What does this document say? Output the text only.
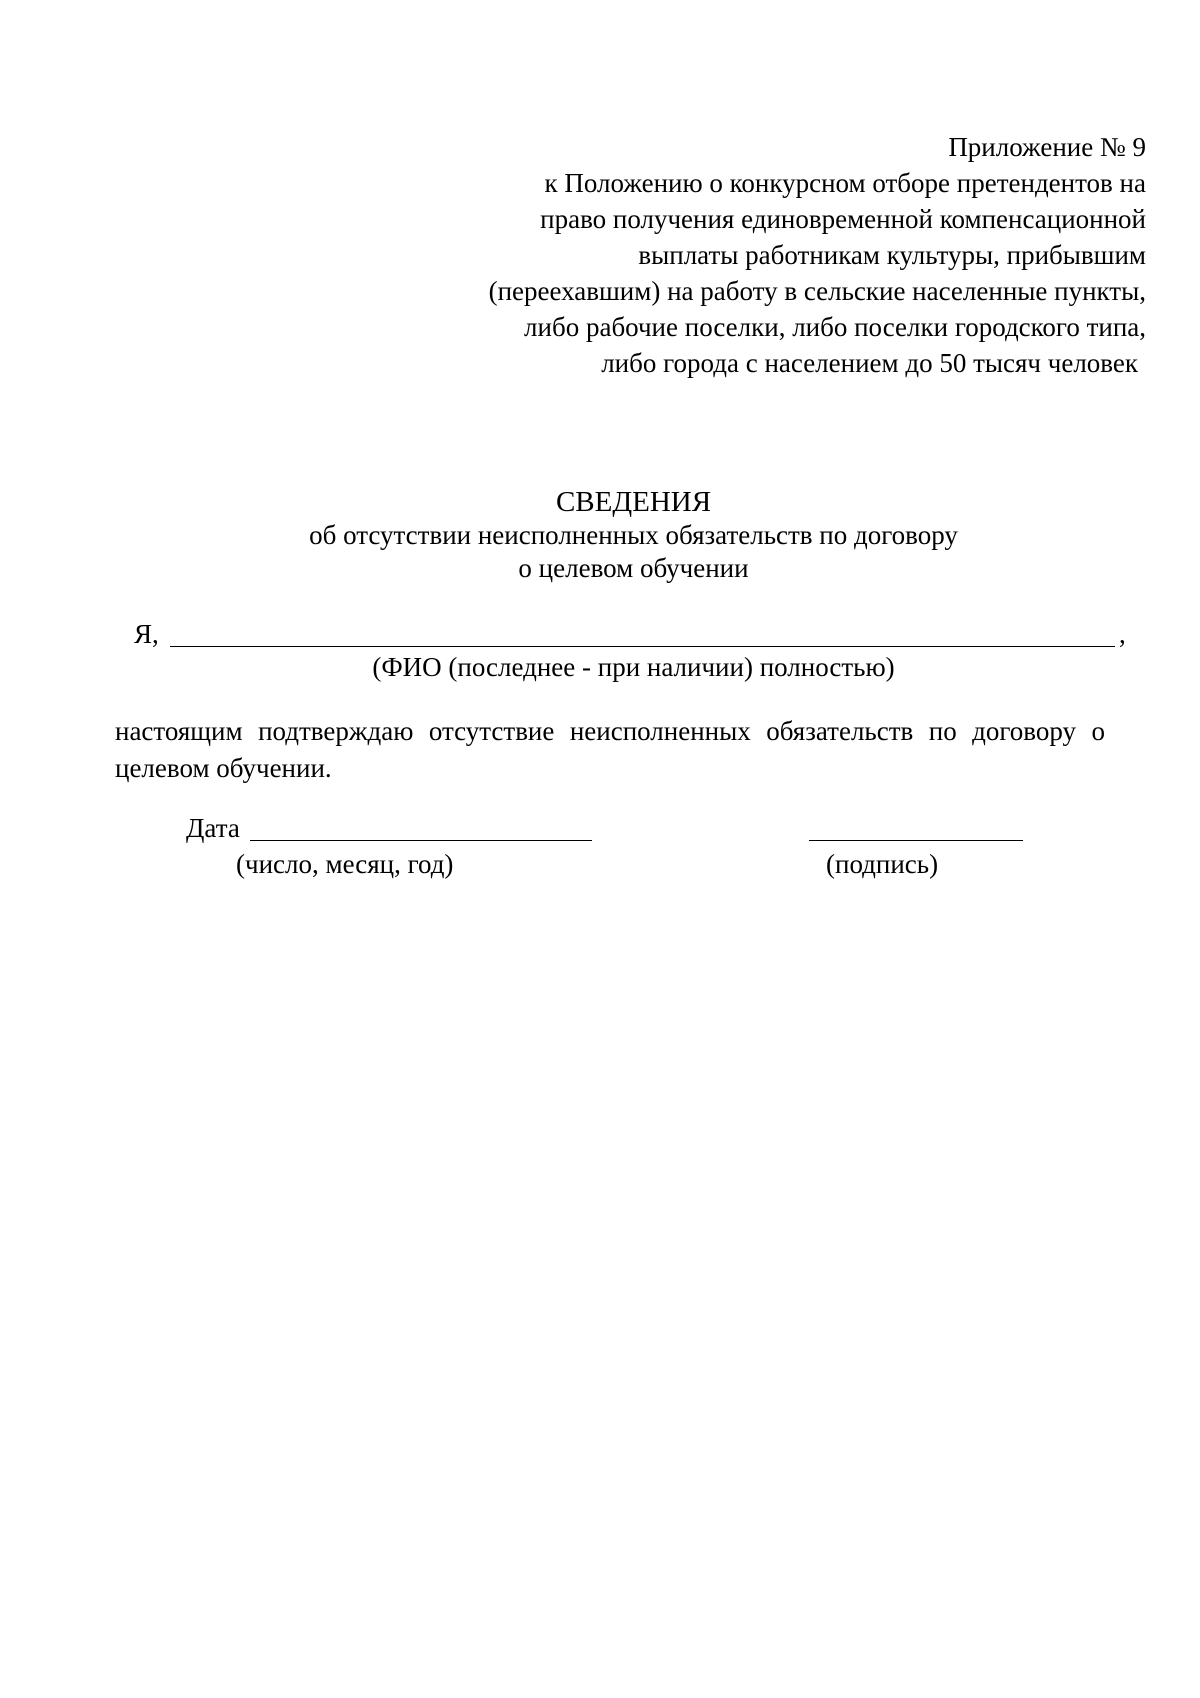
Приложение № 9
к Положению о конкурсном отборе претендентов на
право получения единовременной компенсационной
выплаты работникам культуры, прибывшим
(переехавшим) на работу в сельские населенные пункты,
либо рабочие поселки, либо поселки городского типа,
либо города с населением до 50 тысяч человек
СВЕДЕНИЯ
об отсутствии неисполненных обязательств по договору
о целевом обучении
Я,	,
(ФИО (последнее - при наличии) полностью)
настоящим подтверждаю отсутствие неисполненных обязательств по договору о целевом обучении.
Дата
(число, месяц, год)	(подпись)
